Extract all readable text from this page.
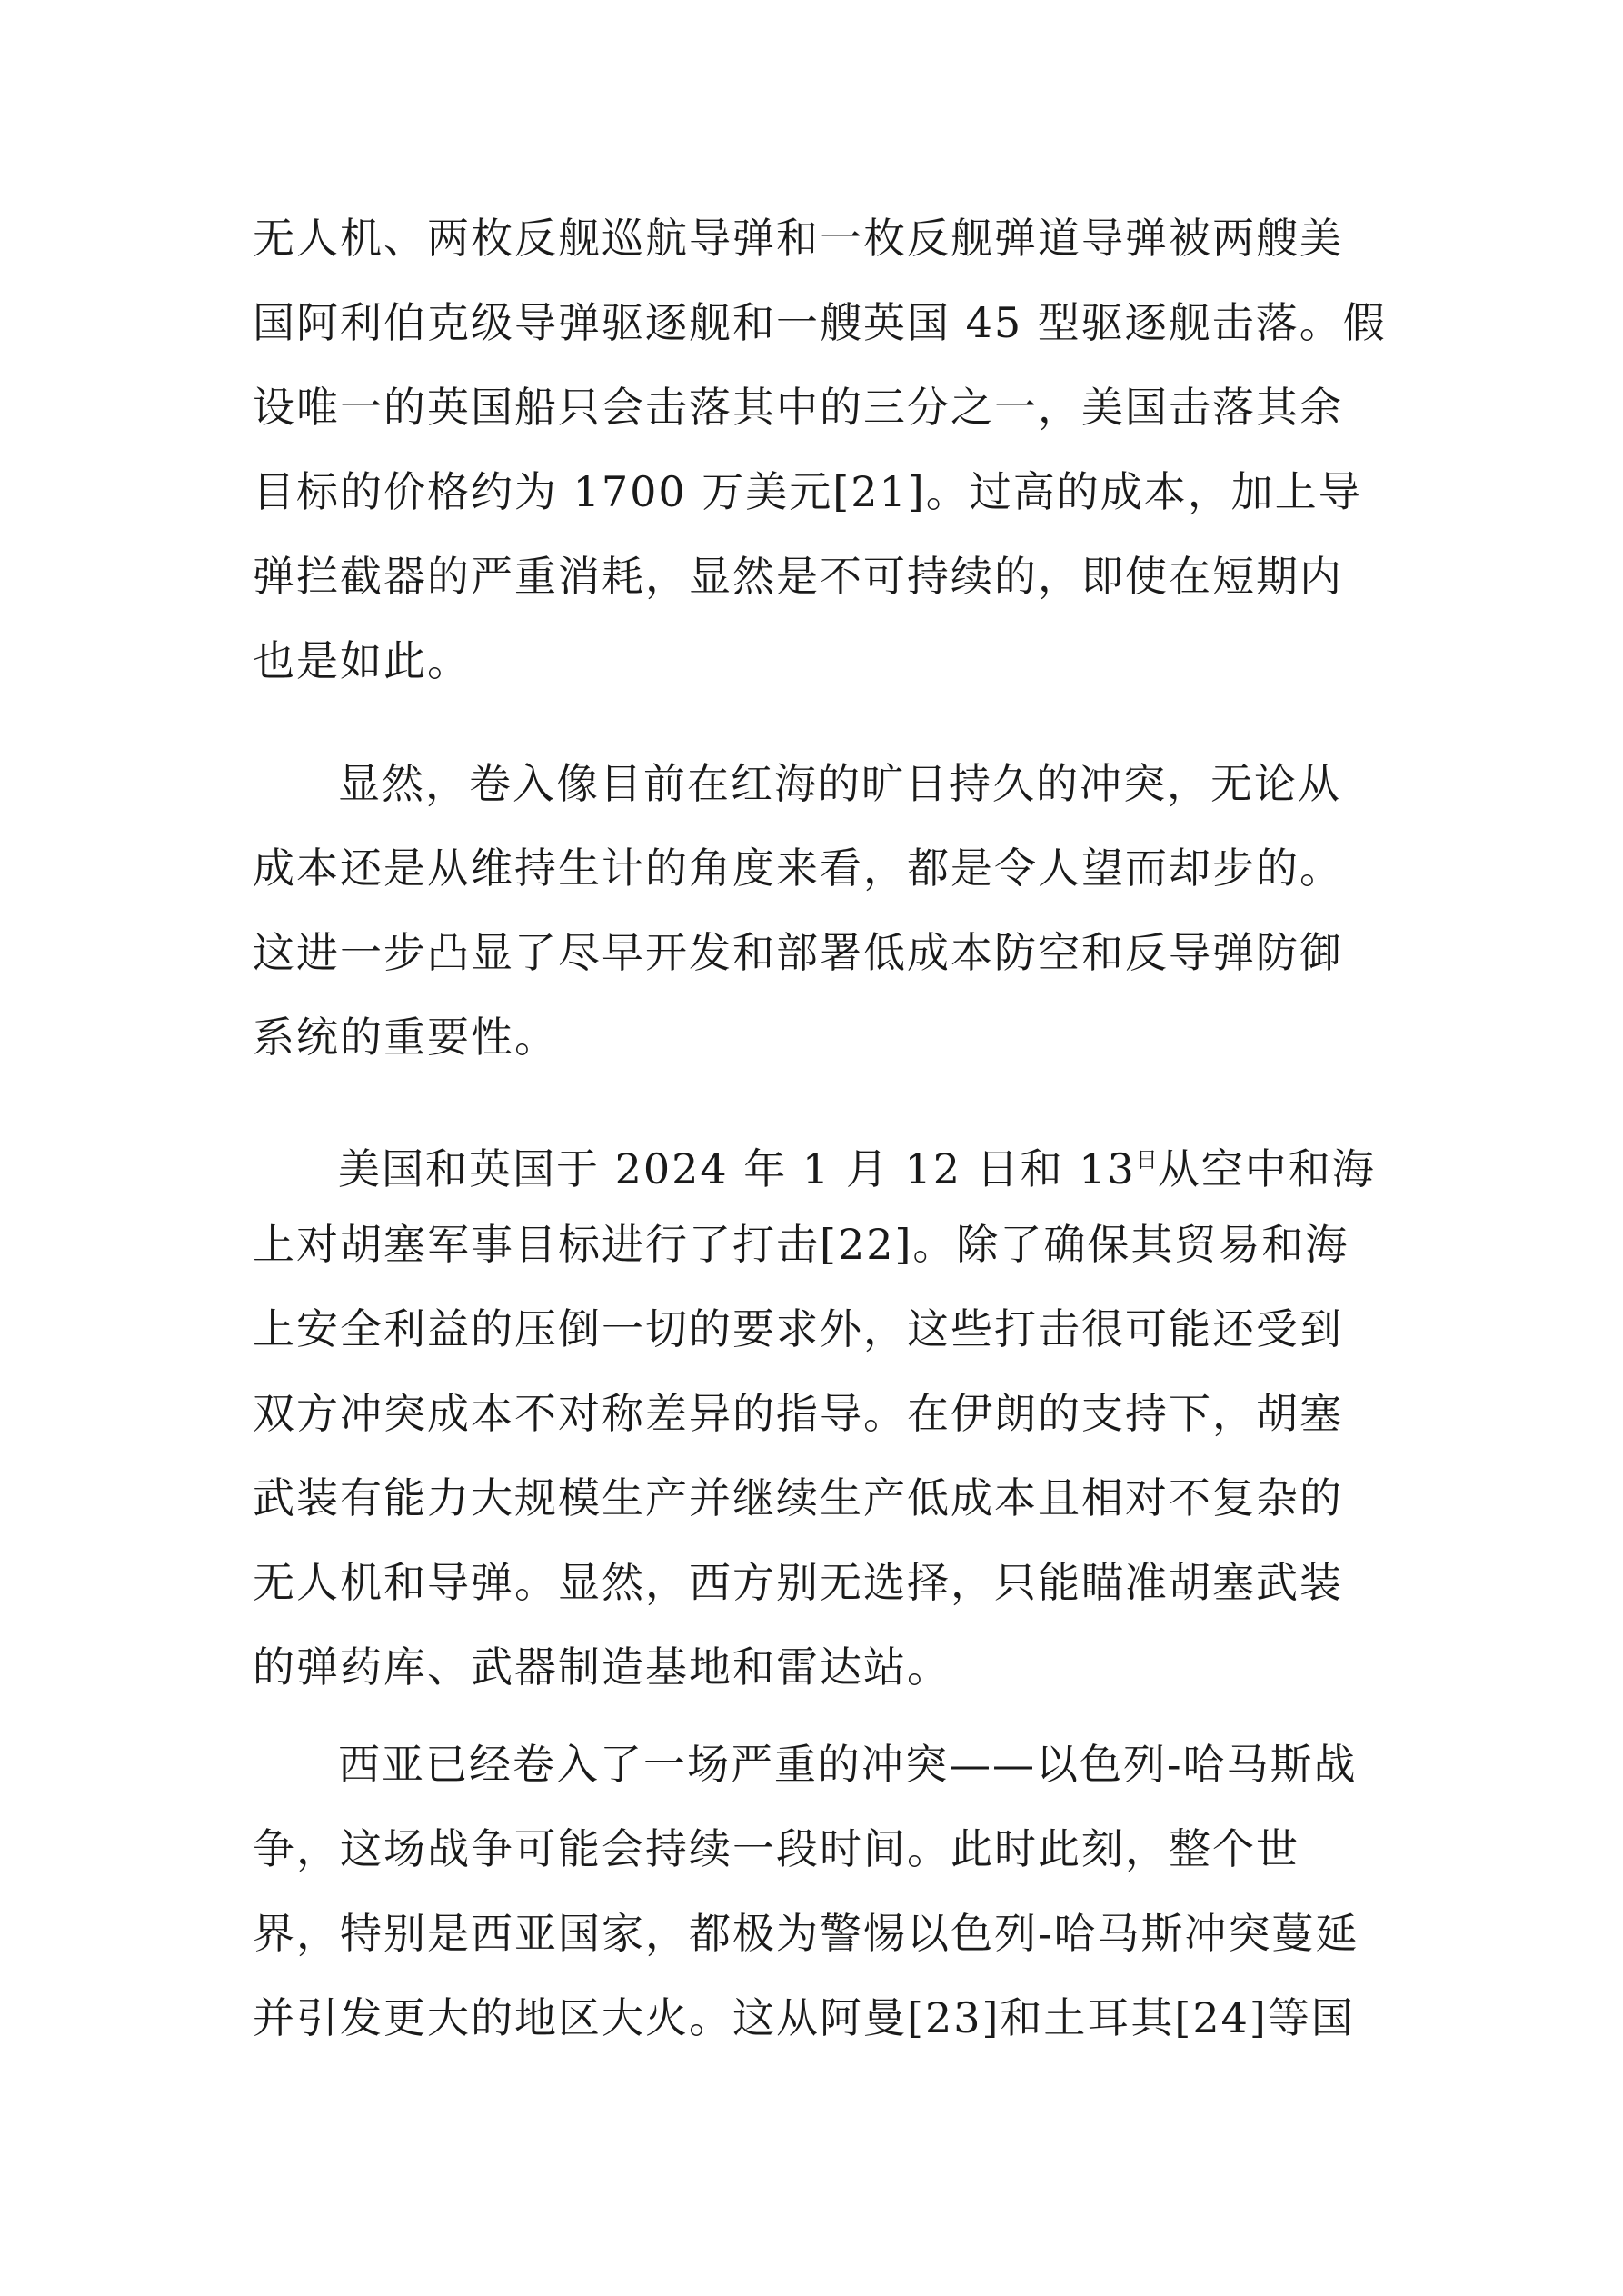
无人机、两枚反舰巡航导弹和一枚反舰弹道导弹被两艘美
国阿利伯克级导弹驱逐舰和一艘英国 45 型驱逐舰击落。假
设唯一的英国船只会击落其中的三分之一，美国击落其余
目标的价格约为 1700 万美元[21]。过高的成本，加上导
弹拦截器的严重消耗，显然是不可持续的，即使在短期内
也是如此。
显然，卷入像目前在红海的旷日持久的冲突，无论从
成本还是从维持生计的角度来看，都是令人望而却步的。
这进一步凸显了尽早开发和部署低成本防空和反导弹防御
系统的重要性。
美国和英国于 2024 年 1 月 12 日和 $13^日$从空中和海
上对胡塞军事目标进行了打击[22]。除了确保其贸易和海
上安全利益的压倒一切的要求外，这些打击很可能还受到
双方冲突成本不对称差异的指导。在伊朗的支持下，胡塞
武装有能力大规模生产并继续生产低成本且相对不复杂的
无人机和导弹。显然，西方别无选择，只能瞄准胡塞武装
的弹药库、武器制造基地和雷达站。
西亚已经卷入了一场严重的冲突——以色列-哈马斯战
争，这场战争可能会持续一段时间。此时此刻，整个世
界，特别是西亚国家，都极为警惕以色列-哈马斯冲突蔓延
并引发更大的地区大火。这从阿曼[23]和土耳其[24]等国
